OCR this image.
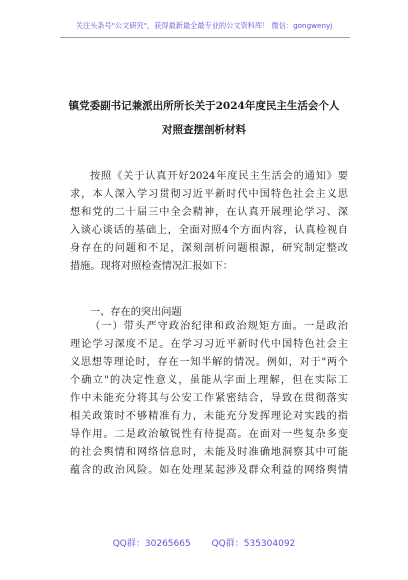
关注头条号"公文研究"，获得最新最全最专业的公文资料库！ 微信：gongwenyj
镇党委副书记兼派出所所长关于2024年度民主生活会个人
对照查摆剖析材料
按照《关于认真开好2024年度民主生活会的通知》要
求，本人深入学习贯彻习近平新时代中国特色社会主义思
想和党的二十届三中全会精神，在认真开展理论学习、深
入谈心谈话的基础上，全面对照4个方面内容，认真检视自
身存在的问题和不足，深刻剖析问题根源，研究制定整改
措施。现将对照检查情况汇报如下：
一、存在的突出问题
（一）带头严守政治纪律和政治规矩方面。一是政治
理论学习深度不足。在学习习近平新时代中国特色社会主
义思想等理论时，存在一知半解的情况。例如，对于"两个
个确立"的决定性意义，虽能从字面上理解，但在实际工
作中未能充分将其与公安工作紧密结合，导致在贯彻落实
相关政策时不够精准有力，未能充分发挥理论对实践的指
导作用。二是政治敏锐性有待提高。在面对一些复杂多变
的社会舆情和网络信息时，未能及时准确地洞察其中可能
蕴含的政治风险。如在处理某起涉及群众利益的网络舆情
QQ群：30265665 QQ群：535304092
